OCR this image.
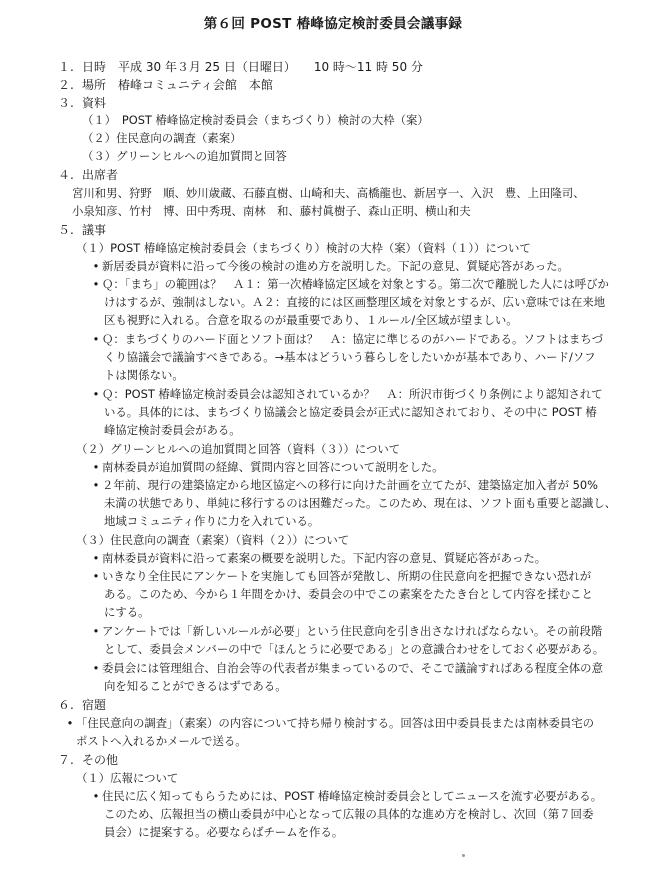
第６回 POST 椿峰協定検討委員会議事録
１. 日時　 平成 30 年３月 25 日（日曜日）　　10 時～11 時 50 分
２. 場所　 椿峰コミュニティ会館　本館
３. 資料
（１）　POST 椿峰協定検討委員会（まちづくり）検討の大枠（案）
（２）住民意向の調査（素案）
（３）グリーンヒルへの追加質問と回答
４. 出席者
宮川和男、狩野　順、妙川歳蔵、石藤直樹、山崎和夫、高橋龍也、新居亨一、入沢　豊、上田隆司、
小泉知彦、竹村　博、田中秀現、南林　和、藤村眞樹子、森山正明、横山和夫
５. 議事
（１）POST 椿峰協定検討委員会（まちづくり）検討の大枠（案）（資料（１））について
• 新居委員が資料に沿って今後の検討の進め方を説明した。下記の意見、質疑応答があった。
• Ｑ：「まち」の範囲は？　Ａ１：第一次椿峰協定区域を対象とする。第二次で離脱した人には呼びか
けはするが、強制はしない。Ａ２：直接的には区画整理区域を対象とするが、広い意味では在来地
区も視野に入れる。合意を取るのが最重要であり、１ルール/全区域が望ましい。
• Ｑ：まちづくりのハード面とソフト面は？　Ａ：協定に準じるのがハードである。ソフトはまちづ
くり協議会で議論すべきである。→基本はどういう暮らしをしたいかが基本であり、ハード/ソフ
トは関係ない。
• Ｑ：POST 椿峰協定検討委員会は認知されているか？　Ａ：所沢市街づくり条例により認知されて
いる。具体的には、まちづくり協議会と協定委員会が正式に認知されており、その中に POST 椿
峰協定検討委員会がある。
（２）グリーンヒルへの追加質問と回答（資料（３））について
• 南林委員が追加質問の経緯、質問内容と回答について説明をした。
• ２年前、現行の建築協定から地区協定への移行に向けた計画を立てたが、建築協定加入者が 50%
未満の状態であり、単純に移行するのは困難だった。このため、現在は、ソフト面も重要と認識し、
地域コミュニティ作りに力を入れている。
（３）住民意向の調査（素案）（資料（２））について
• 南林委員が資料に沿って素案の概要を説明した。下記内容の意見、質疑応答があった。
• いきなり全住民にアンケートを実施しても回答が発散し、所期の住民意向を把握できない恐れが
ある。このため、今から１年間をかけ、委員会の中でこの素案をたたき台として内容を揉むこと
にする。
• アンケートでは「新しいルールが必要」という住民意向を引き出さなければならない。その前段階
として、委員会メンバーの中で「ほんとうに必要である」との意識合わせをしておく必要がある。
• 委員会には管理組合、自治会等の代表者が集まっているので、そこで議論すればある程度全体の意
向を知ることができるはずである。
６. 宿題
• 「住民意向の調査」（素案）の内容について持ち帰り検討する。回答は田中委員長または南林委員宅の
ポストへ入れるかメールで送る。
７. その他
（１）広報について
• 住民に広く知ってもらうためには、POST 椿峰協定検討委員会としてニュースを流す必要がある。
このため、広報担当の横山委員が中心となって広報の具体的な進め方を検討し、次回（第７回委
員会）に提案する。必要ならばチームを作る。
